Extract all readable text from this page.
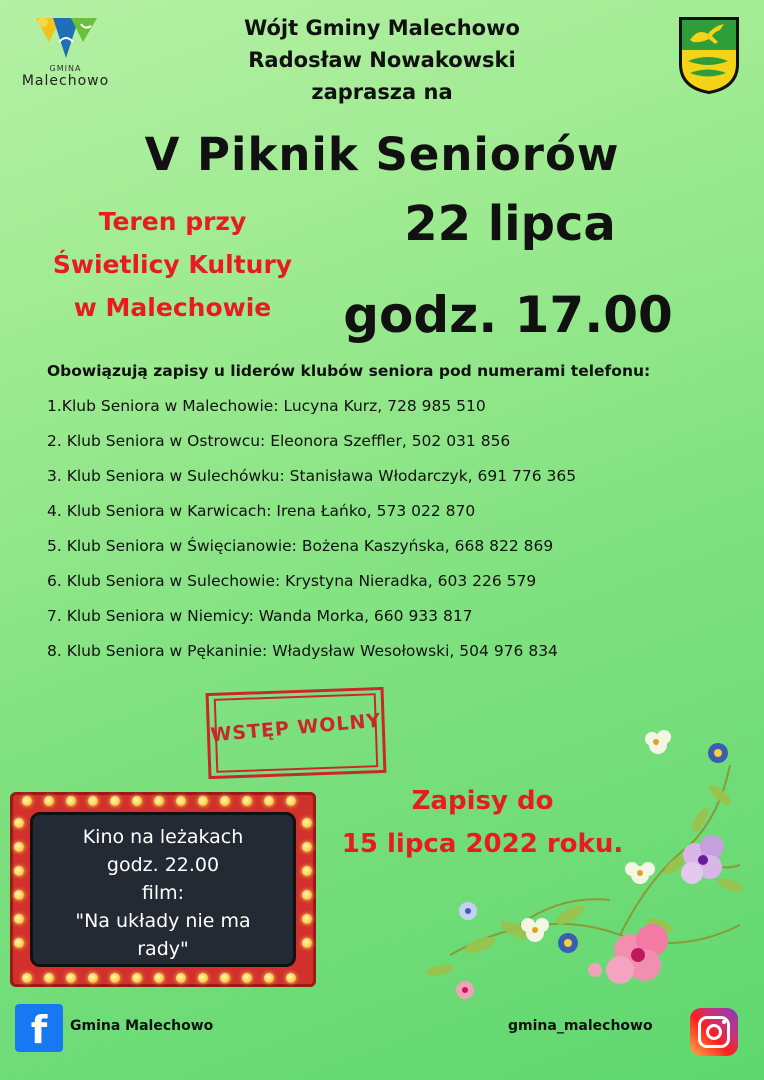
GMINA
Malechowo
Wójt Gminy Malechowo
Radosław Nowakowski
zaprasza na
V Piknik Seniorów
Teren przy
Świetlicy Kultury
w Malechowie
22 lipca
godz. 17.00
Obowiązują zapisy u liderów klubów seniora pod numerami telefonu:
1.Klub Seniora w Malechowie: Lucyna Kurz, 728 985 510
2. Klub Seniora w Ostrowcu: Eleonora Szeffler, 502 031 856
3. Klub Seniora w Sulechówku: Stanisława Włodarczyk, 691 776 365
4. Klub Seniora w Karwicach: Irena Łańko, 573 022 870
5. Klub Seniora w Święcianowie: Bożena Kaszyńska, 668 822 869
6. Klub Seniora w Sulechowie: Krystyna Nieradka, 603 226 579
7. Klub Seniora w Niemicy: Wanda Morka, 660 933 817
8. Klub Seniora w Pękaninie: Władysław Wesołowski, 504 976 834
WSTĘP WOLNY
Kino na leżakach
godz. 22.00
film:
"Na układy nie ma
rady"
Zapisy do
15 lipca 2022 roku.
f	Gmina Malechowo	gmina_malechowo
